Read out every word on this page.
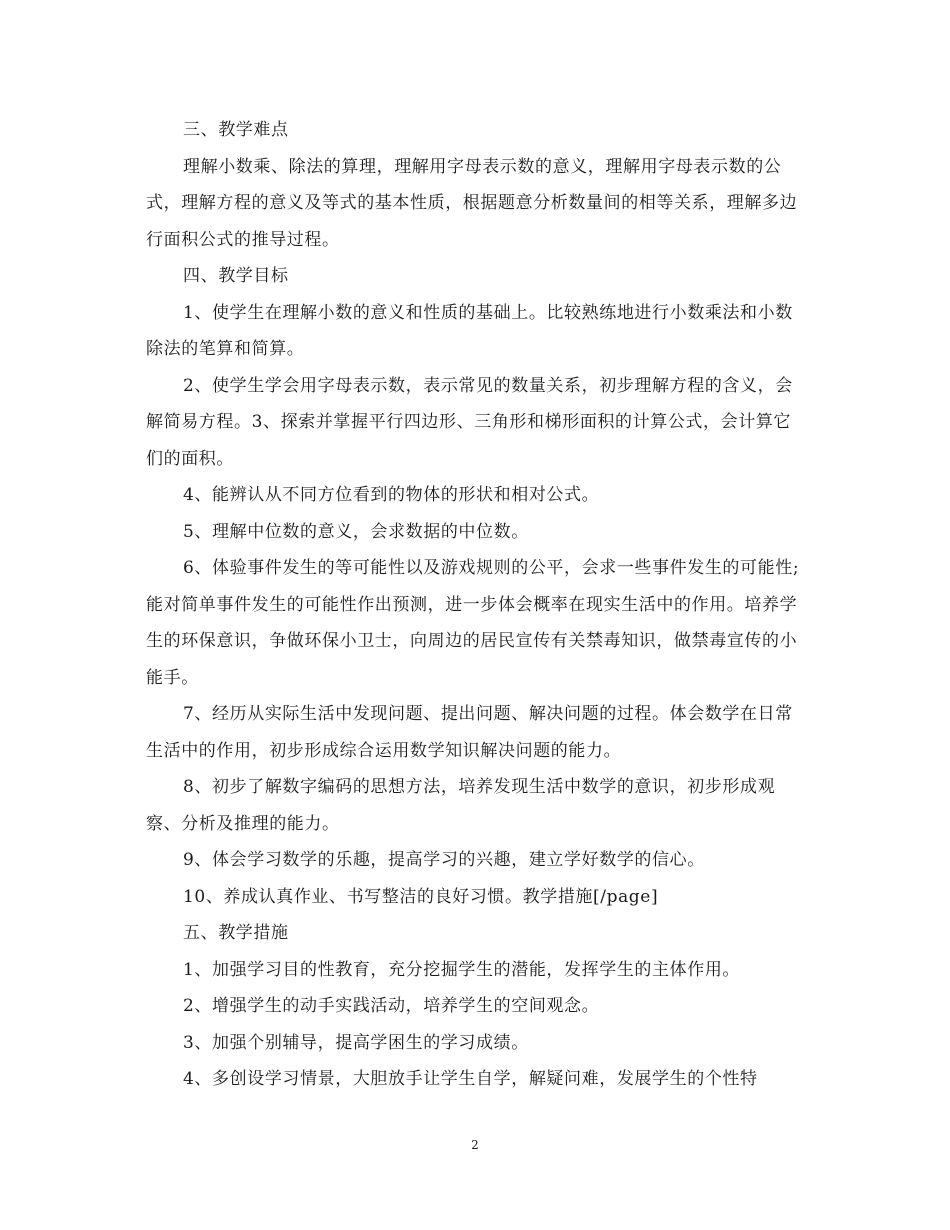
三、教学难点

理解小数乘、除法的算理，理解用字母表示数的意义，理解用字母表示数的公式，理解方程的意义及等式的基本性质，根据题意分析数量间的相等关系，理解多边行面积公式的推导过程。

四、教学目标

1、使学生在理解小数的意义和性质的基础上。比较熟练地进行小数乘法和小数除法的笔算和简算。

2、使学生学会用字母表示数，表示常见的数量关系，初步理解方程的含义，会解简易方程。3、探索并掌握平行四边形、三角形和梯形面积的计算公式，会计算它们的面积。

4、能辨认从不同方位看到的物体的形状和相对公式。

5、理解中位数的意义，会求数据的中位数。

6、体验事件发生的等可能性以及游戏规则的公平，会求一些事件发生的可能性;能对简单事件发生的可能性作出预测，进一步体会概率在现实生活中的作用。培养学生的环保意识，争做环保小卫士，向周边的居民宣传有关禁毒知识，做禁毒宣传的小能手。

7、经历从实际生活中发现问题、提出问题、解决问题的过程。体会数学在日常生活中的作用，初步形成综合运用数学知识解决问题的能力。

8、初步了解数字编码的思想方法，培养发现生活中数学的意识，初步形成观察、分析及推理的能力。

9、体会学习数学的乐趣，提高学习的兴趣，建立学好数学的信心。

10、养成认真作业、书写整洁的良好习惯。教学措施[/page]

五、教学措施

1、加强学习目的性教育，充分挖掘学生的潜能，发挥学生的主体作用。

2、增强学生的动手实践活动，培养学生的空间观念。

3、加强个别辅导，提高学困生的学习成绩。

4、多创设学习情景，大胆放手让学生自学，解疑问难，发展学生的个性特

2
